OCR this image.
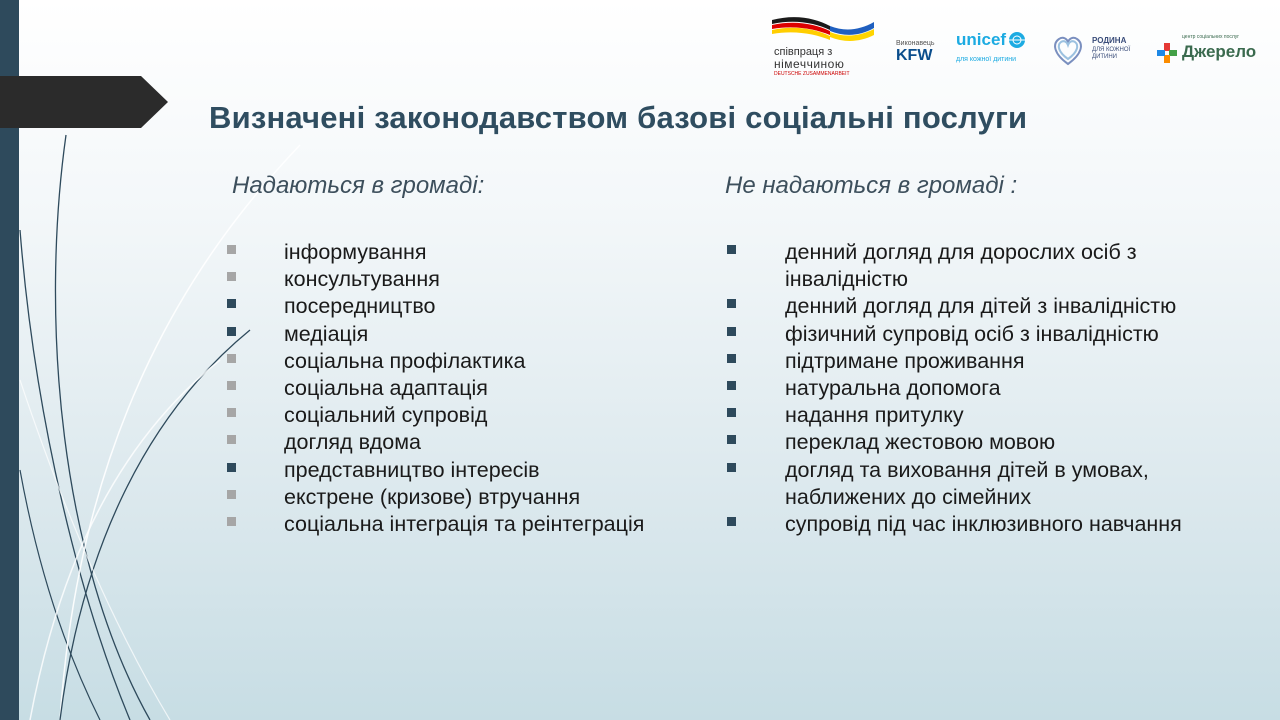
Визначені законодавством базові соціальні послуги
Надаються в громаді:	Не надаються в громаді :
інформування
консультування
посередництво
медіація
соціальна профілактика
соціальна адаптація
соціальний супровід
догляд вдома
представництво інтересів
екстрене (кризове) втручання
соціальна інтеграція та реінтеграція
денний догляд для дорослих осіб з інвалідністю
денний догляд для дітей з інвалідністю
фізичний супровід осіб з інвалідністю
підтримане проживання
натуральна допомога
надання притулку
переклад жестовою мовою
догляд та виховання дітей в умовах, наближених до сімейних
супровід під час інклюзивного навчання
співпраця з
німеччиною
DEUTSCHE ZUSAMMENARBEIT
Виконавець
KFW
unicef
для кожної дитини
РОДИНА
ДЛЯ КОЖНОЇ
ДИТИНИ
центр соціальних послуг
Джерело
